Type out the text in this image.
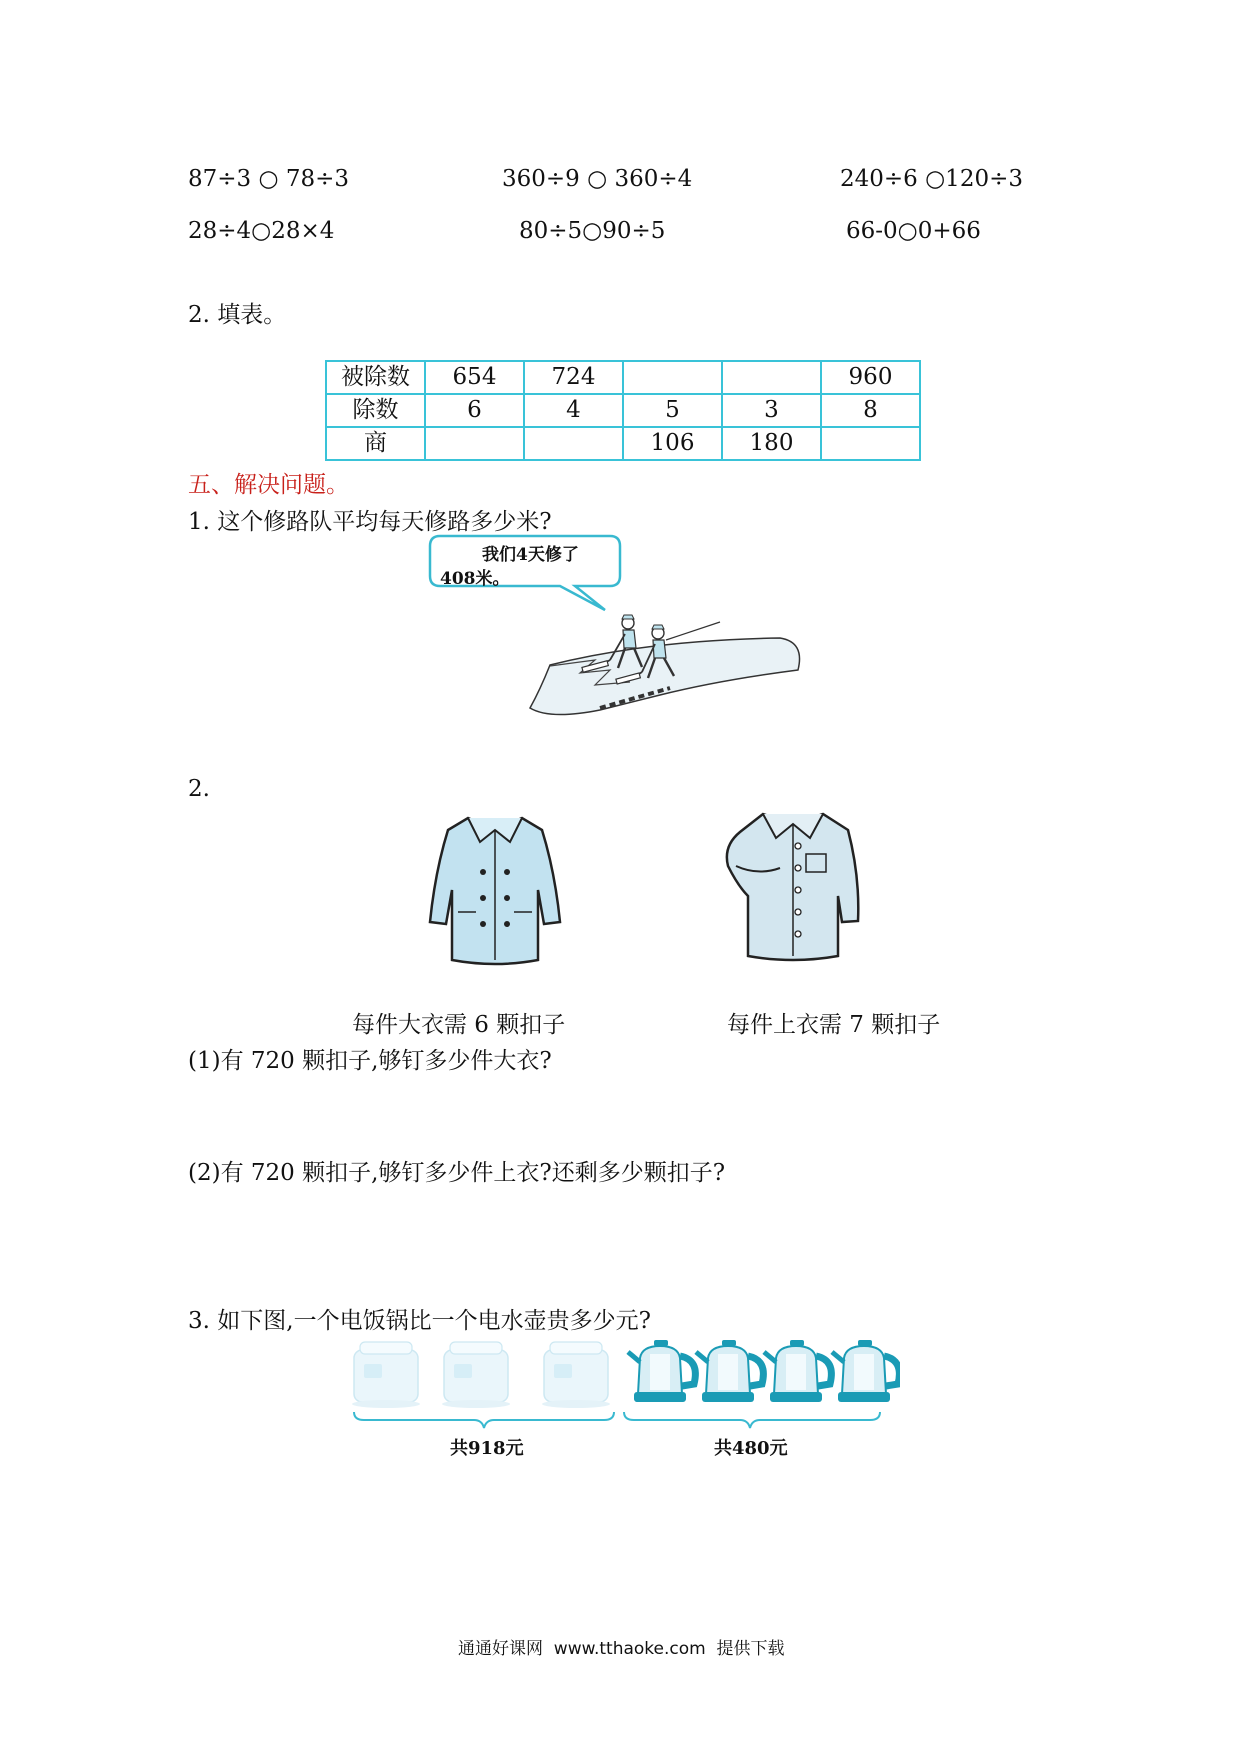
87÷3 ○ 78÷3	360÷9 ○ 360÷4	240÷6 ○120÷3
28÷4○28×4	80÷5○90÷5	66-0○0+66
2. 填表。
被除数	654	724			960
除数	6	4	5	3	8
商			106	180	
五、解决问题。
1. 这个修路队平均每天修路多少米?
我们4天修了
408米。
2.
每件大衣需 6 颗扣子	每件上衣需 7 颗扣子
(1)有 720 颗扣子,够钉多少件大衣?
(2)有 720 颗扣子,够钉多少件上衣?还剩多少颗扣子?
3. 如下图,一个电饭锅比一个电水壶贵多少元?
共918元	共480元
通通好课网  www.tthaoke.com  提供下载
